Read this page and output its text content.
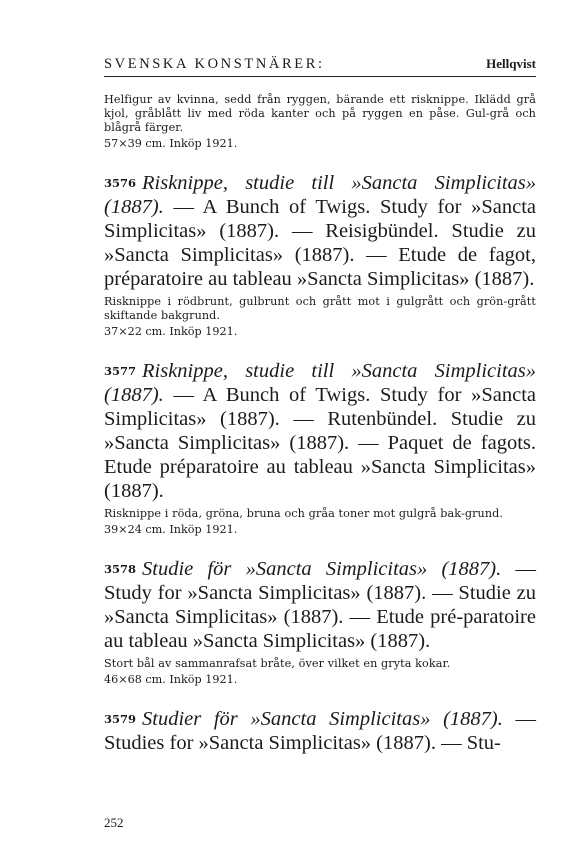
SVENSKA KONSTNÄRER:	Hellqvist
Helfigur av kvinna, sedd från ryggen, bärande ett risknippe. Iklädd grå kjol, gråblått liv med röda kanter och på ryggen en påse. Gul-grå och blågrå färger.
57×39 cm. Inköp 1921.
3576 Risknippe, studie till »Sancta Simplicitas» (1887). — A Bunch of Twigs. Study for »Sancta Simplicitas» (1887). — Reisigbündel. Studie zu »Sancta Simplicitas» (1887). — Etude de fagot, préparatoire au tableau »Sancta Simplicitas» (1887).
Risknippe i rödbrunt, gulbrunt och grått mot i gulgrått och grön-grått skiftande bakgrund.
37×22 cm. Inköp 1921.
3577 Risknippe, studie till »Sancta Simplicitas» (1887). — A Bunch of Twigs. Study for »Sancta Simplicitas» (1887). — Rutenbündel. Studie zu »Sancta Simplicitas» (1887). — Paquet de fagots. Etude préparatoire au tableau »Sancta Simplicitas» (1887).
Risknippe i röda, gröna, bruna och gråa toner mot gulgrå bak-grund.
39×24 cm. Inköp 1921.
3578 Studie för »Sancta Simplicitas» (1887). — Study for »Sancta Simplicitas» (1887). — Studie zu »Sancta Simplicitas» (1887). — Etude pré-paratoire au tableau »Sancta Simplicitas» (1887).
Stort bål av sammanrafsat bråte, över vilket en gryta kokar.
46×68 cm. Inköp 1921.
3579 Studier för »Sancta Simplicitas» (1887). — Studies for »Sancta Simplicitas» (1887). — Stu-
252
